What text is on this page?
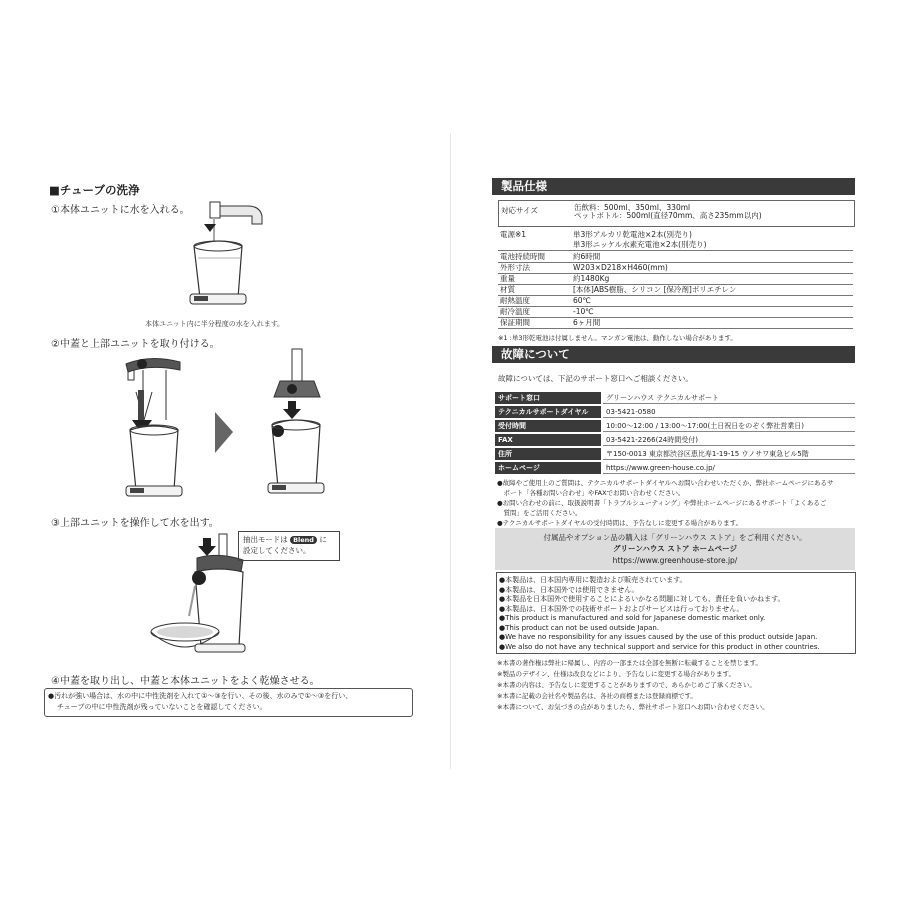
■チューブの洗浄
①本体ユニットに水を入れる。
本体ユニット内に半分程度の水を入れます。
②中蓋と上部ユニットを取り付ける。
③上部ユニットを操作して水を出す。
抽出モードは Blend に
設定してください。
④中蓋を取り出し、中蓋と本体ユニットをよく乾燥させる。
●汚れが強い場合は、水の中に中性洗剤を入れて①～③を行い、その後、水のみで①～③を行い、
チューブの中に中性洗剤が残っていないことを確認してください。
製品仕様
対応サイズ	缶飲料：500ml、350ml、330ml
ペットボトル：500ml(直径70mm、高さ235mm以内)
電源※1	単3形アルカリ乾電池×2本(別売り)
単3形ニッケル水素充電池×2本(別売り)
電池持続時間	約6時間
外形寸法	W203×D218×H460(mm)
重量	約1480Kg
材質	[本体]ABS樹脂、シリコン [保冷剤]ポリエチレン
耐熱温度	60℃
耐冷温度	-10℃
保証期間	6ヶ月間
※1 :単3形乾電池は付属しません。マンガン電池は、動作しない場合があります。
故障について
故障については、下記のサポート窓口へご相談ください。
サポート窓口	グリーンハウス テクニカルサポート
テクニカルサポートダイヤル	03-5421-0580
受付時間	10:00～12:00 / 13:00～17:00(土日祝日をのぞく弊社営業日)
FAX	03-5421-2266(24時間受付)
住所	〒150-0013 東京都渋谷区恵比寿1-19-15 ウノサワ東急ビル5階
ホームページ	https://www.green-house.co.jp/
●故障やご使用上のご質問は、テクニカルサポートダイヤルへお問い合わせいただくか、弊社ホームページにあるサ
　ポート「各種お問い合わせ」やFAXでお問い合わせください。
●お問い合わせの前に、取扱説明書「トラブルシューティング」や弊社ホームページにあるサポート「よくあるご
　質問」をご活用ください。
●テクニカルサポートダイヤルの受付時間は、予告なしに変更する場合があります。
付属品やオプション品の購入は「グリーンハウス ストア」をご利用ください。
グリーンハウス ストア ホームページ
https://www.greenhouse-store.jp/
●本製品は、日本国内専用に製造および販売されています。
●本製品は、日本国外では使用できません。
●本製品を日本国外で使用することによるいかなる問題に対しても、責任を負いかねます。
●本製品は、日本国外での技術サポートおよびサービスは行っておりません。
●This product is manufactured and sold for Japanese domestic market only.
●This product can not be used outside Japan.
●We have no responsibility for any issues caused by the use of this product outside Japan.
●We also do not have any technical support and service for this product in other countries.
※本書の著作権は弊社に帰属し、内容の一部または全部を無断に転載することを禁じます。
※製品のデザイン、仕様は改良などにより、予告なしに変更する場合があります。
※本書の内容は、予告なしに変更することがありますので、あらかじめご了承ください。
※本書に記載の会社名や製品名は、各社の商標または登録商標です。
※本書について、お気づきの点がありましたら、弊社サポート窓口へお問い合わせください。
